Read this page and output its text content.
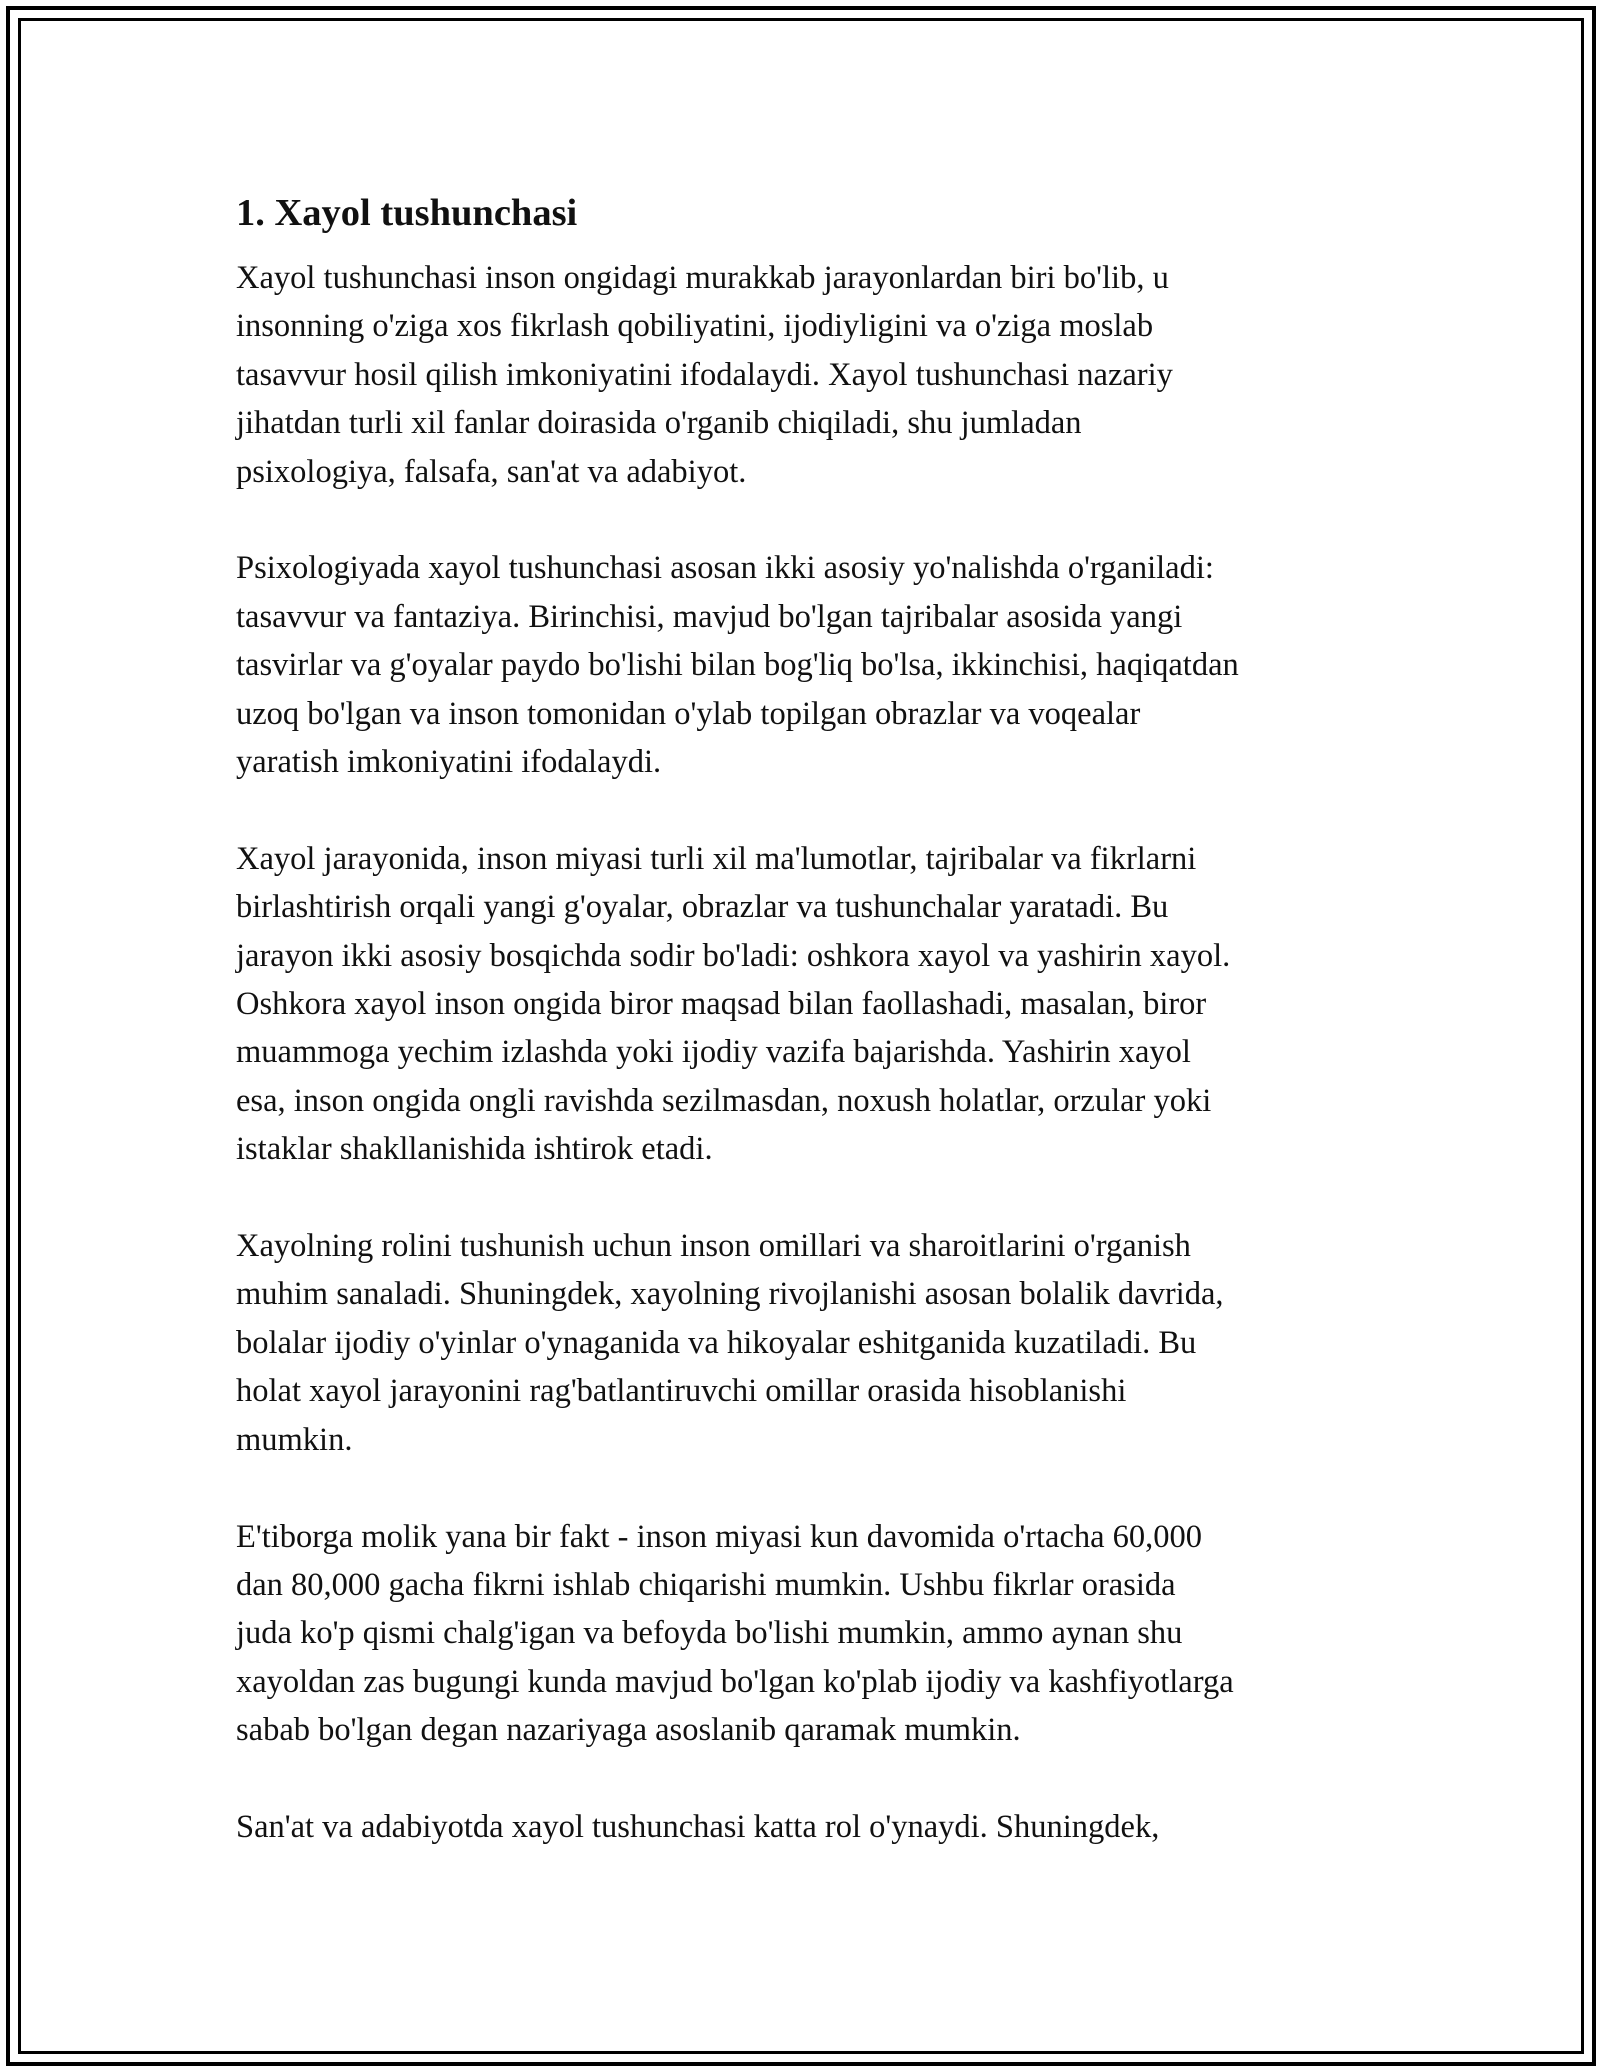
1. Xayol tushunchasi

Xayol tushunchasi inson ongidagi murakkab jarayonlardan biri bo'lib, u
insonning o'ziga xos fikrlash qobiliyatini, ijodiyligini va o'ziga moslab
tasavvur hosil qilish imkoniyatini ifodalaydi. Xayol tushunchasi nazariy
jihatdan turli xil fanlar doirasida o'rganib chiqiladi, shu jumladan
psixologiya, falsafa, san'at va adabiyot.

Psixologiyada xayol tushunchasi asosan ikki asosiy yo'nalishda o'rganiladi:
tasavvur va fantaziya. Birinchisi, mavjud bo'lgan tajribalar asosida yangi
tasvirlar va g'oyalar paydo bo'lishi bilan bog'liq bo'lsa, ikkinchisi, haqiqatdan
uzoq bo'lgan va inson tomonidan o'ylab topilgan obrazlar va voqealar
yaratish imkoniyatini ifodalaydi.

Xayol jarayonida, inson miyasi turli xil ma'lumotlar, tajribalar va fikrlarni
birlashtirish orqali yangi g'oyalar, obrazlar va tushunchalar yaratadi. Bu
jarayon ikki asosiy bosqichda sodir bo'ladi: oshkora xayol va yashirin xayol.
Oshkora xayol inson ongida biror maqsad bilan faollashadi, masalan, biror
muammoga yechim izlashda yoki ijodiy vazifa bajarishda. Yashirin xayol
esa, inson ongida ongli ravishda sezilmasdan, noxush holatlar, orzular yoki
istaklar shakllanishida ishtirok etadi.

Xayolning rolini tushunish uchun inson omillari va sharoitlarini o'rganish
muhim sanaladi. Shuningdek, xayolning rivojlanishi asosan bolalik davrida,
bolalar ijodiy o'yinlar o'ynaganida va hikoyalar eshitganida kuzatiladi. Bu
holat xayol jarayonini rag'batlantiruvchi omillar orasida hisoblanishi
mumkin.

E'tiborga molik yana bir fakt - inson miyasi kun davomida o'rtacha 60,000
dan 80,000 gacha fikrni ishlab chiqarishi mumkin. Ushbu fikrlar orasida
juda ko'p qismi chalg'igan va befoyda bo'lishi mumkin, ammo aynan shu
xayoldan zas bugungi kunda mavjud bo'lgan ko'plab ijodiy va kashfiyotlarga
sabab bo'lgan degan nazariyaga asoslanib qaramak mumkin.

San'at va adabiyotda xayol tushunchasi katta rol o'ynaydi. Shuningdek,
